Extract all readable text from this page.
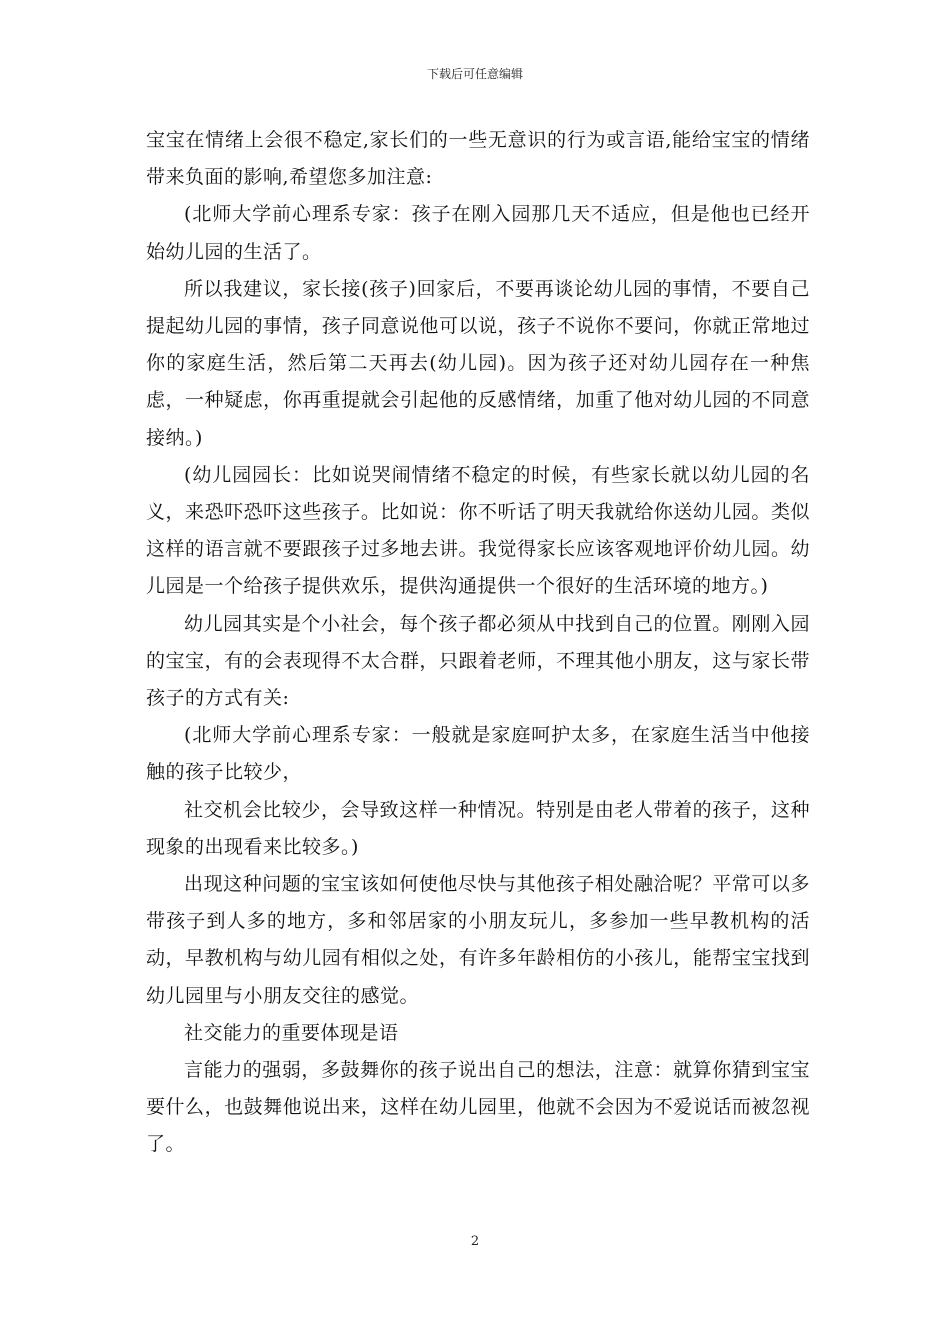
下载后可任意编辑

宝宝在情绪上会很不稳定,家长们的一些无意识的行为或言语,能给宝宝的情绪带来负面的影响,希望您多加注意:

(北师大学前心理系专家：孩子在刚入园那几天不适应，但是他也已经开始幼儿园的生活了。

所以我建议，家长接(孩子)回家后，不要再谈论幼儿园的事情，不要自己提起幼儿园的事情，孩子同意说他可以说，孩子不说你不要问，你就正常地过你的家庭生活，然后第二天再去(幼儿园)。因为孩子还对幼儿园存在一种焦虑，一种疑虑，你再重提就会引起他的反感情绪，加重了他对幼儿园的不同意接纳。)

(幼儿园园长：比如说哭闹情绪不稳定的时候，有些家长就以幼儿园的名义，来恐吓恐吓这些孩子。比如说：你不听话了明天我就给你送幼儿园。类似这样的语言就不要跟孩子过多地去讲。我觉得家长应该客观地评价幼儿园。幼儿园是一个给孩子提供欢乐，提供沟通提供一个很好的生活环境的地方。)

幼儿园其实是个小社会，每个孩子都必须从中找到自己的位置。刚刚入园的宝宝，有的会表现得不太合群，只跟着老师，不理其他小朋友，这与家长带孩子的方式有关:

(北师大学前心理系专家：一般就是家庭呵护太多，在家庭生活当中他接触的孩子比较少，

社交机会比较少，会导致这样一种情况。特别是由老人带着的孩子，这种现象的出现看来比较多。)

出现这种问题的宝宝该如何使他尽快与其他孩子相处融洽呢？平常可以多带孩子到人多的地方，多和邻居家的小朋友玩儿，多参加一些早教机构的活动，早教机构与幼儿园有相似之处，有许多年龄相仿的小孩儿，能帮宝宝找到幼儿园里与小朋友交往的感觉。

社交能力的重要体现是语

言能力的强弱，多鼓舞你的孩子说出自己的想法，注意：就算你猜到宝宝要什么，也鼓舞他说出来，这样在幼儿园里，他就不会因为不爱说话而被忽视了。

2
